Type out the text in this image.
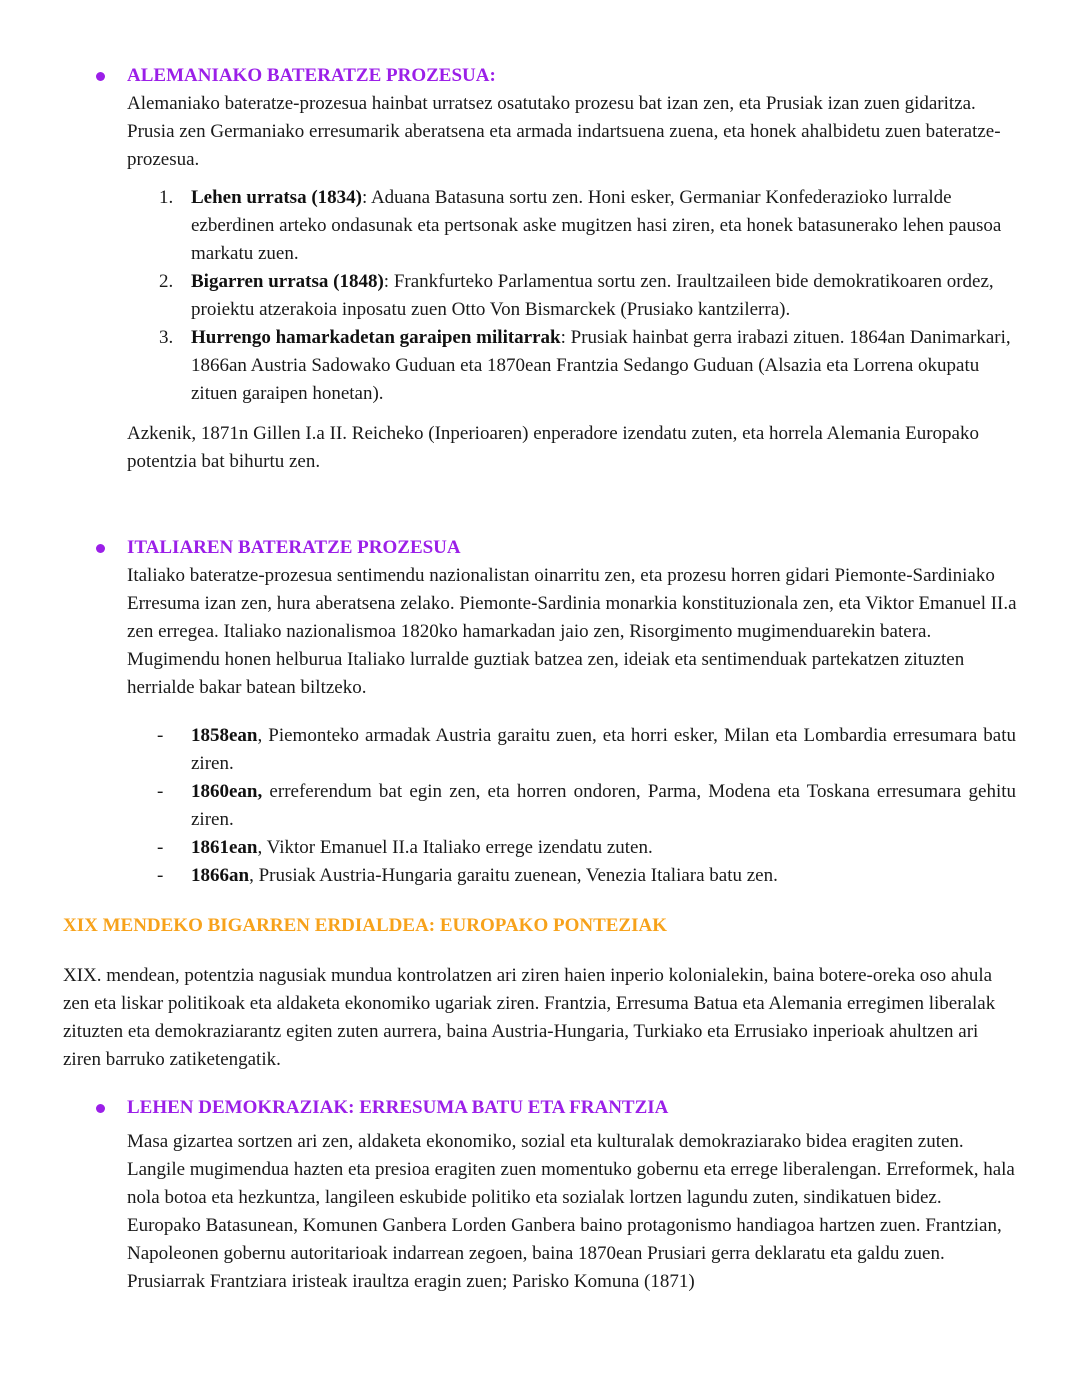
ALEMANIAKO BATERATZE PROZESUA:
Alemaniako bateratze-prozesua hainbat urratsez osatutako prozesu bat izan zen, eta Prusiak izan zuen gidaritza. Prusia zen Germaniako erresumarik aberatsena eta armada indartsuena zuena, eta honek ahalbidetu zuen bateratze-prozesua.
1. Lehen urratsa (1834): Aduana Batasuna sortu zen. Honi esker, Germaniar Konfederazioko lurralde ezberdinen arteko ondasunak eta pertsonak aske mugitzen hasi ziren, eta honek batasunerako lehen pausoa markatu zuen.
2. Bigarren urratsa (1848): Frankfurteko Parlamentua sortu zen. Iraultzaileen bide demokratikoaren ordez, proiektu atzerakoia inposatu zuen Otto Von Bismarckek (Prusiako kantzilerra).
3. Hurrengo hamarkadetan garaipen militarrak: Prusiak hainbat gerra irabazi zituen. 1864an Danimarkari, 1866an Austria Sadowako Guduan eta 1870ean Frantzia Sedango Guduan (Alsazia eta Lorrena okupatu zituen garaipen honetan).
Azkenik, 1871n Gillen I.a II. Reicheko (Inperioaren) enperadore izendatu zuten, eta horrela Alemania Europako potentzia bat bihurtu zen.
ITALIAREN BATERATZE PROZESUA
Italiako bateratze-prozesua sentimendu nazionalistan oinarritu zen, eta prozesu horren gidari Piemonte-Sardiniako Erresuma izan zen, hura aberatsena zelako. Piemonte-Sardinia monarkia konstituzionala zen, eta Viktor Emanuel II.a zen erregea. Italiako nazionalismoa 1820ko hamarkadan jaio zen, Risorgimento mugimenduarekin batera. Mugimendu honen helburua Italiako lurralde guztiak batzea zen, ideiak eta sentimenduak partekatzen zituzten herrialde bakar batean biltzeko.
- 1858ean, Piemonteko armadak Austria garaitu zuen, eta horri esker, Milan eta Lombardia erresumara batu ziren.
- 1860ean, erreferendum bat egin zen, eta horren ondoren, Parma, Modena eta Toskana erresumara gehitu ziren.
- 1861ean, Viktor Emanuel II.a Italiako errege izendatu zuten.
- 1866an, Prusiak Austria-Hungaria garaitu zuenean, Venezia Italiara batu zen.
XIX MENDEKO BIGARREN ERDIALDEA: EUROPAKO PONTEZIAK
XIX. mendean, potentzia nagusiak mundua kontrolatzen ari ziren haien inperio kolonialekin, baina botere-oreka oso ahula zen eta liskar politikoak eta aldaketa ekonomiko ugariak ziren. Frantzia, Erresuma Batua eta Alemania erregimen liberalak zituzten eta demokraziarantz egiten zuten aurrera, baina Austria-Hungaria, Turkiako eta Errusiako inperioak ahultzen ari ziren barruko zatiketengatik.
LEHEN DEMOKRAZIAK: ERRESUMA BATU ETA FRANTZIA
Masa gizartea sortzen ari zen, aldaketa ekonomiko, sozial eta kulturalak demokraziarako bidea eragiten zuten. Langile mugimendua hazten eta presioa eragiten zuen momentuko gobernu eta errege liberalengan. Erreformek, hala nola botoa eta hezkuntza, langileen eskubide politiko eta sozialak lortzen lagundu zuten, sindikatuen bidez.
Europako Batasunean, Komunen Ganbera Lorden Ganbera baino protagonismo handiagoa hartzen zuen. Frantzian, Napoleonen gobernu autoritarioak indarrean zegoen, baina 1870ean Prusiari gerra deklaratu eta galdu zuen. Prusiarrak Frantziara iristeak iraultza eragin zuen; Parisko Komuna (1871)
